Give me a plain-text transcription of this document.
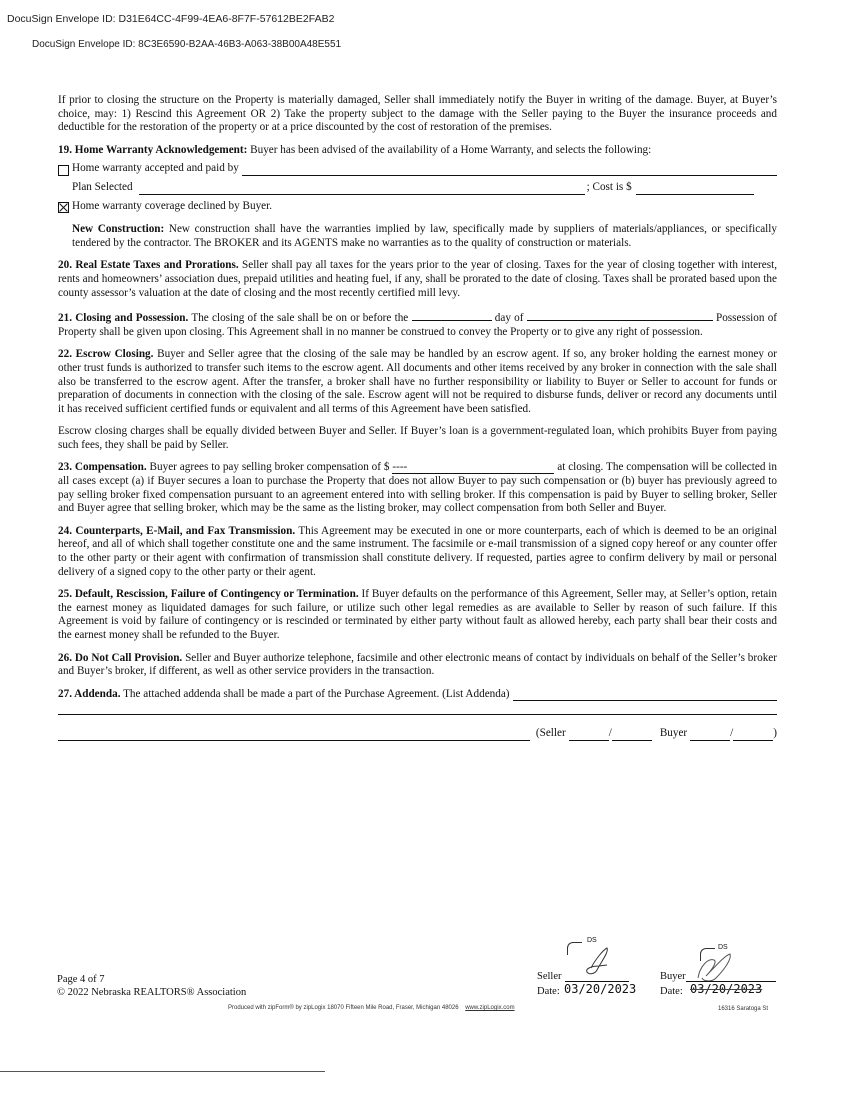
DocuSign Envelope ID: D31E64CC-4F99-4EA6-8F7F-57612BE2FAB2
DocuSign Envelope ID: 8C3E6590-B2AA-46B3-A063-38B00A48E551

If prior to closing the structure on the Property is materially damaged, Seller shall immediately notify the Buyer in writing of the damage. Buyer, at Buyer’s choice, may: 1) Rescind this Agreement OR 2) Take the property subject to the damage with the Seller paying to the Buyer the insurance proceeds and deductible for the restoration of the property or at a price discounted by the cost of restoration of the premises.

19. Home Warranty Acknowledgement: Buyer has been advised of the availability of a Home Warranty, and selects the following:

Home warranty accepted and paid by
Plan Selected	; Cost is $
Home warranty coverage declined by Buyer.

New Construction: New construction shall have the warranties implied by law, specifically made by suppliers of materials/appliances, or specifically tendered by the contractor. The BROKER and its AGENTS make no warranties as to the quality of construction or materials.

20. Real Estate Taxes and Prorations. Seller shall pay all taxes for the years prior to the year of closing. Taxes for the year of closing together with interest, rents and homeowners’ association dues, prepaid utilities and heating fuel, if any, shall be prorated to the date of closing. Taxes shall be prorated based upon the county assessor’s valuation at the date of closing and the most recently certified mill levy.

21. Closing and Possession. The closing of the sale shall be on or before the	day of	Possession of Property shall be given upon closing. This Agreement shall in no manner be construed to convey the Property or to give any right of possession.

22. Escrow Closing. Buyer and Seller agree that the closing of the sale may be handled by an escrow agent. If so, any broker holding the earnest money or other trust funds is authorized to transfer such items to the escrow agent. All documents and other items received by any broker in connection with the sale shall also be transferred to the escrow agent. After the transfer, a broker shall have no further responsibility or liability to Buyer or Seller to account for funds or preparation of documents in connection with the closing of the sale. Escrow agent will not be required to disburse funds, deliver or record any documents until it has received sufficient certified funds or equivalent and all terms of this Agreement have been satisfied.

Escrow closing charges shall be equally divided between Buyer and Seller. If Buyer’s loan is a government-regulated loan, which prohibits Buyer from paying such fees, they shall be paid by Seller.

23. Compensation. Buyer agrees to pay selling broker compensation of $ ----	at closing. The compensation will be collected in all cases except (a) if Buyer secures a loan to purchase the Property that does not allow Buyer to pay such compensation or (b) buyer has previously agreed to pay selling broker fixed compensation pursuant to an agreement entered into with selling broker. If this compensation is paid by Buyer to selling broker, Seller and Buyer agree that selling broker, which may be the same as the listing broker, may collect compensation from both Seller and Buyer.

24. Counterparts, E-Mail, and Fax Transmission. This Agreement may be executed in one or more counterparts, each of which is deemed to be an original hereof, and all of which shall together constitute one and the same instrument. The facsimile or e-mail transmission of a signed copy hereof or any counter offer to the other party or their agent with confirmation of transmission shall constitute delivery. If requested, parties agree to confirm delivery by mail or personal delivery of a signed copy to the other party or their agent.

25. Default, Rescission, Failure of Contingency or Termination. If Buyer defaults on the performance of this Agreement, Seller may, at Seller’s option, retain the earnest money as liquidated damages for such failure, or utilize such other legal remedies as are available to Seller by reason of such failure. If this Agreement is void by failure of contingency or is rescinded or terminated by either party without fault as allowed hereby, each party shall bear their costs and the earnest money shall be refunded to the Buyer.

26. Do Not Call Provision. Seller and Buyer authorize telephone, facsimile and other electronic means of contact by individuals on behalf of the Seller’s broker and Buyer’s broker, if different, as well as other service providers in the transaction.

27. Addenda. The attached addenda shall be made a part of the Purchase Agreement. (List Addenda)
(Seller	/	Buyer	/	)
Page 4 of 7
© 2022 Nebraska REALTORS® Association
DS
Seller
Date: 03/20/2023
DS
Buyer
Date: 03/20/2023
Produced with zipForm® by zipLogix 18070 Fifteen Mile Road, Fraser, Michigan 48026 www.zipLogix.com	16316 Saratoga St
